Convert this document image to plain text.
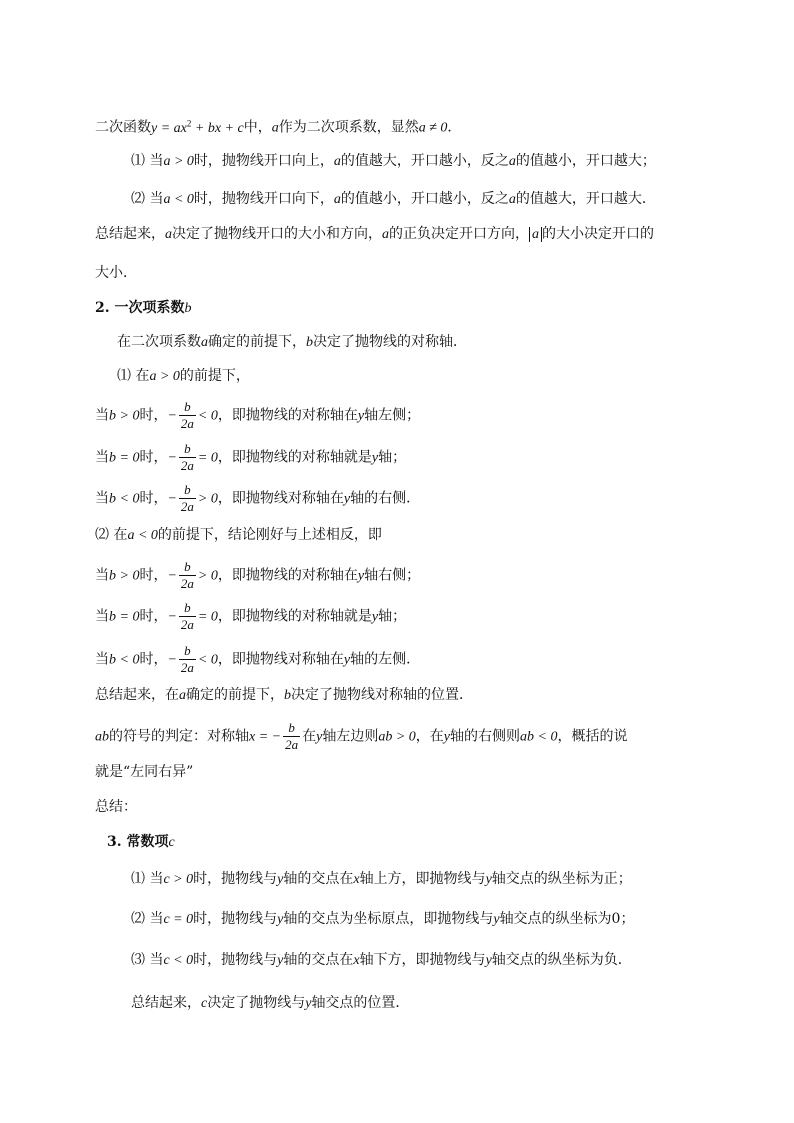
二次函数$y = ax^2$ + bx + c中，a作为二次项系数，显然a ≠ 0．
⑴ 当a > 0时，抛物线开口向上，a的值越大，开口越小，反之a的值越小，开口越大；
⑵ 当a < 0时，抛物线开口向下，a的值越小，开口越小，反之a的值越大，开口越大．
总结起来，a决定了抛物线开口的大小和方向，a的正负决定开口方向， a 的大小决定开口的
大小．
2. 一次项系数b
在二次项系数a确定的前提下，b决定了抛物线的对称轴．
⑴ 在a > 0的前提下，
当b > 0时，− $\frac{b}{2a} < 0$，即抛物线的对称轴在y轴左侧；
当b = 0时，− $\frac{b}{2a} = 0$，即抛物线的对称轴就是y轴；
当b < 0时，− $\frac{b}{2a} > 0$，即抛物线对称轴在y轴的右侧．
⑵ 在a < 0的前提下，结论刚好与上述相反，即
当b > 0时，− $\frac{b}{2a} > 0$，即抛物线的对称轴在y轴右侧；
当b = 0时，− $\frac{b}{2a} = 0$，即抛物线的对称轴就是y轴；
当b < 0时，− $\frac{b}{2a} < 0$，即抛物线对称轴在y轴的左侧．
总结起来，在a确定的前提下，b决定了抛物线对称轴的位置．
ab的符号的判定：对称轴x = − $\frac{b}{2a}$ 在y轴左边则ab > 0，在y轴的右侧则ab < 0，概括的说
就是“左同右异”
总结：
3. 常数项c
⑴ 当c > 0时，抛物线与y轴的交点在x轴上方，即抛物线与y轴交点的纵坐标为正；
⑵ 当c = 0时，抛物线与y轴的交点为坐标原点，即抛物线与y轴交点的纵坐标为0；
⑶ 当c < 0时，抛物线与y轴的交点在x轴下方，即抛物线与y轴交点的纵坐标为负．
总结起来，c决定了抛物线与y轴交点的位置．
